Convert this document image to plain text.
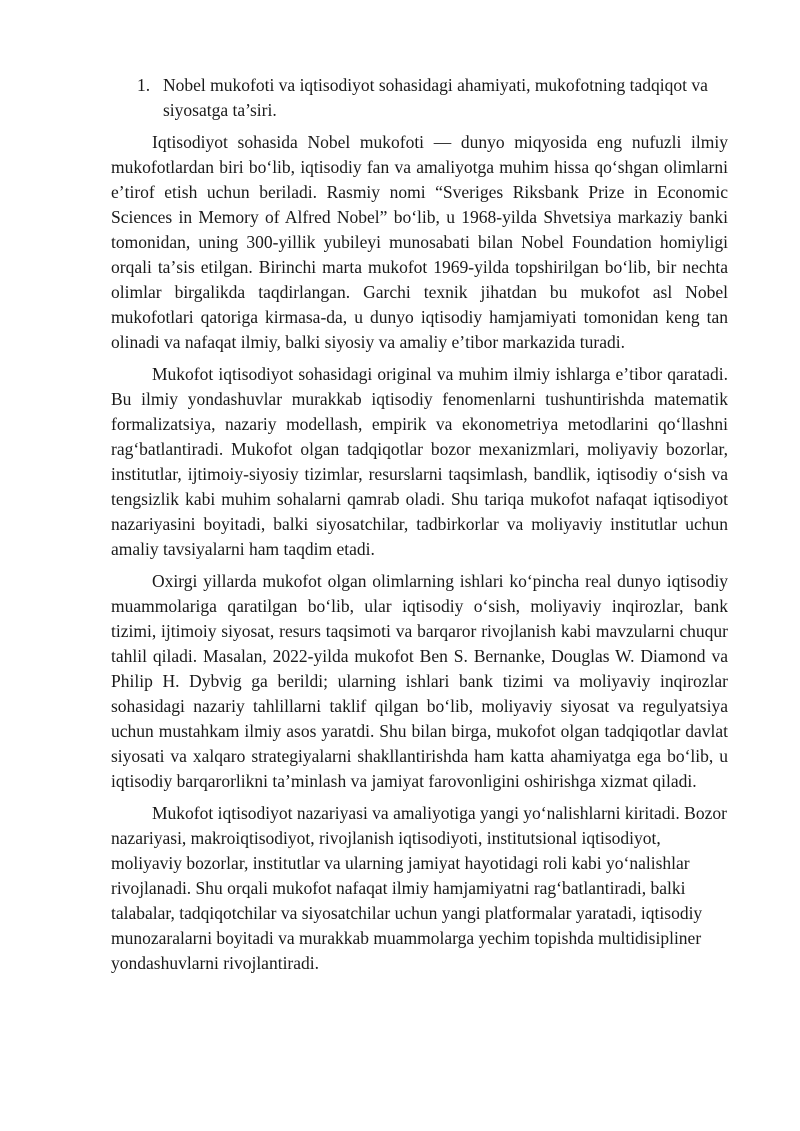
1. Nobel mukofoti va iqtisodiyot sohasidagi ahamiyati, mukofotning tadqiqot va siyosatga ta’siri.

Iqtisodiyot sohasida Nobel mukofoti — dunyo miqyosida eng nufuzli ilmiy mukofotlardan biri boʻlib, iqtisodiy fan va amaliyotga muhim hissa qoʻshgan olimlarni eʼtirof etish uchun beriladi. Rasmiy nomi “Sveriges Riksbank Prize in Economic Sciences in Memory of Alfred Nobel” boʻlib, u 1968-yilda Shvetsiya markaziy banki tomonidan, uning 300-yillik yubileyi munosabati bilan Nobel Foundation homiyligi orqali taʼsis etilgan. Birinchi marta mukofot 1969-yilda topshirilgan boʻlib, bir nechta olimlar birgalikda taqdirlangan. Garchi texnik jihatdan bu mukofot asl Nobel mukofotlari qatoriga kirmasa-da, u dunyo iqtisodiy hamjamiyati tomonidan keng tan olinadi va nafaqat ilmiy, balki siyosiy va amaliy eʼtibor markazida turadi.

Mukofot iqtisodiyot sohasidagi original va muhim ilmiy ishlarga eʼtibor qaratadi. Bu ilmiy yondashuvlar murakkab iqtisodiy fenomenlarni tushuntirishda matematik formalizatsiya, nazariy modellash, empirik va ekonometriya metodlarini qoʻllashni ragʻbatlantiradi. Mukofot olgan tadqiqotlar bozor mexanizmlari, moliyaviy bozorlar, institutlar, ijtimoiy-siyosiy tizimlar, resurslarni taqsimlash, bandlik, iqtisodiy oʻsish va tengsizlik kabi muhim sohalarni qamrab oladi. Shu tariqa mukofot nafaqat iqtisodiyot nazariyasini boyitadi, balki siyosatchilar, tadbirkorlar va moliyaviy institutlar uchun amaliy tavsiyalarni ham taqdim etadi.

Oxirgi yillarda mukofot olgan olimlarning ishlari koʻpincha real dunyo iqtisodiy muammolariga qaratilgan boʻlib, ular iqtisodiy oʻsish, moliyaviy inqirozlar, bank tizimi, ijtimoiy siyosat, resurs taqsimoti va barqaror rivojlanish kabi mavzularni chuqur tahlil qiladi. Masalan, 2022-yilda mukofot Ben S. Bernanke, Douglas W. Diamond va Philip H. Dybvig ga berildi; ularning ishlari bank tizimi va moliyaviy inqirozlar sohasidagi nazariy tahlillarni taklif qilgan boʻlib, moliyaviy siyosat va regulyatsiya uchun mustahkam ilmiy asos yaratdi. Shu bilan birga, mukofot olgan tadqiqotlar davlat siyosati va xalqaro strategiyalarni shakllantirishda ham katta ahamiyatga ega boʻlib, u iqtisodiy barqarorlikni taʼminlash va jamiyat farovonligini oshirishga xizmat qiladi.

Mukofot iqtisodiyot nazariyasi va amaliyotiga yangi yoʻnalishlarni kiritadi. Bozor nazariyasi, makroiqtisodiyot, rivojlanish iqtisodiyoti, institutsional iqtisodiyot, moliyaviy bozorlar, institutlar va ularning jamiyat hayotidagi roli kabi yoʻnalishlar rivojlanadi. Shu orqali mukofot nafaqat ilmiy hamjamiyatni ragʻbatlantiradi, balki talabalar, tadqiqotchilar va siyosatchilar uchun yangi platformalar yaratadi, iqtisodiy munozaralarni boyitadi va murakkab muammolarga yechim topishda multidisipliner yondashuvlarni rivojlantiradi.
